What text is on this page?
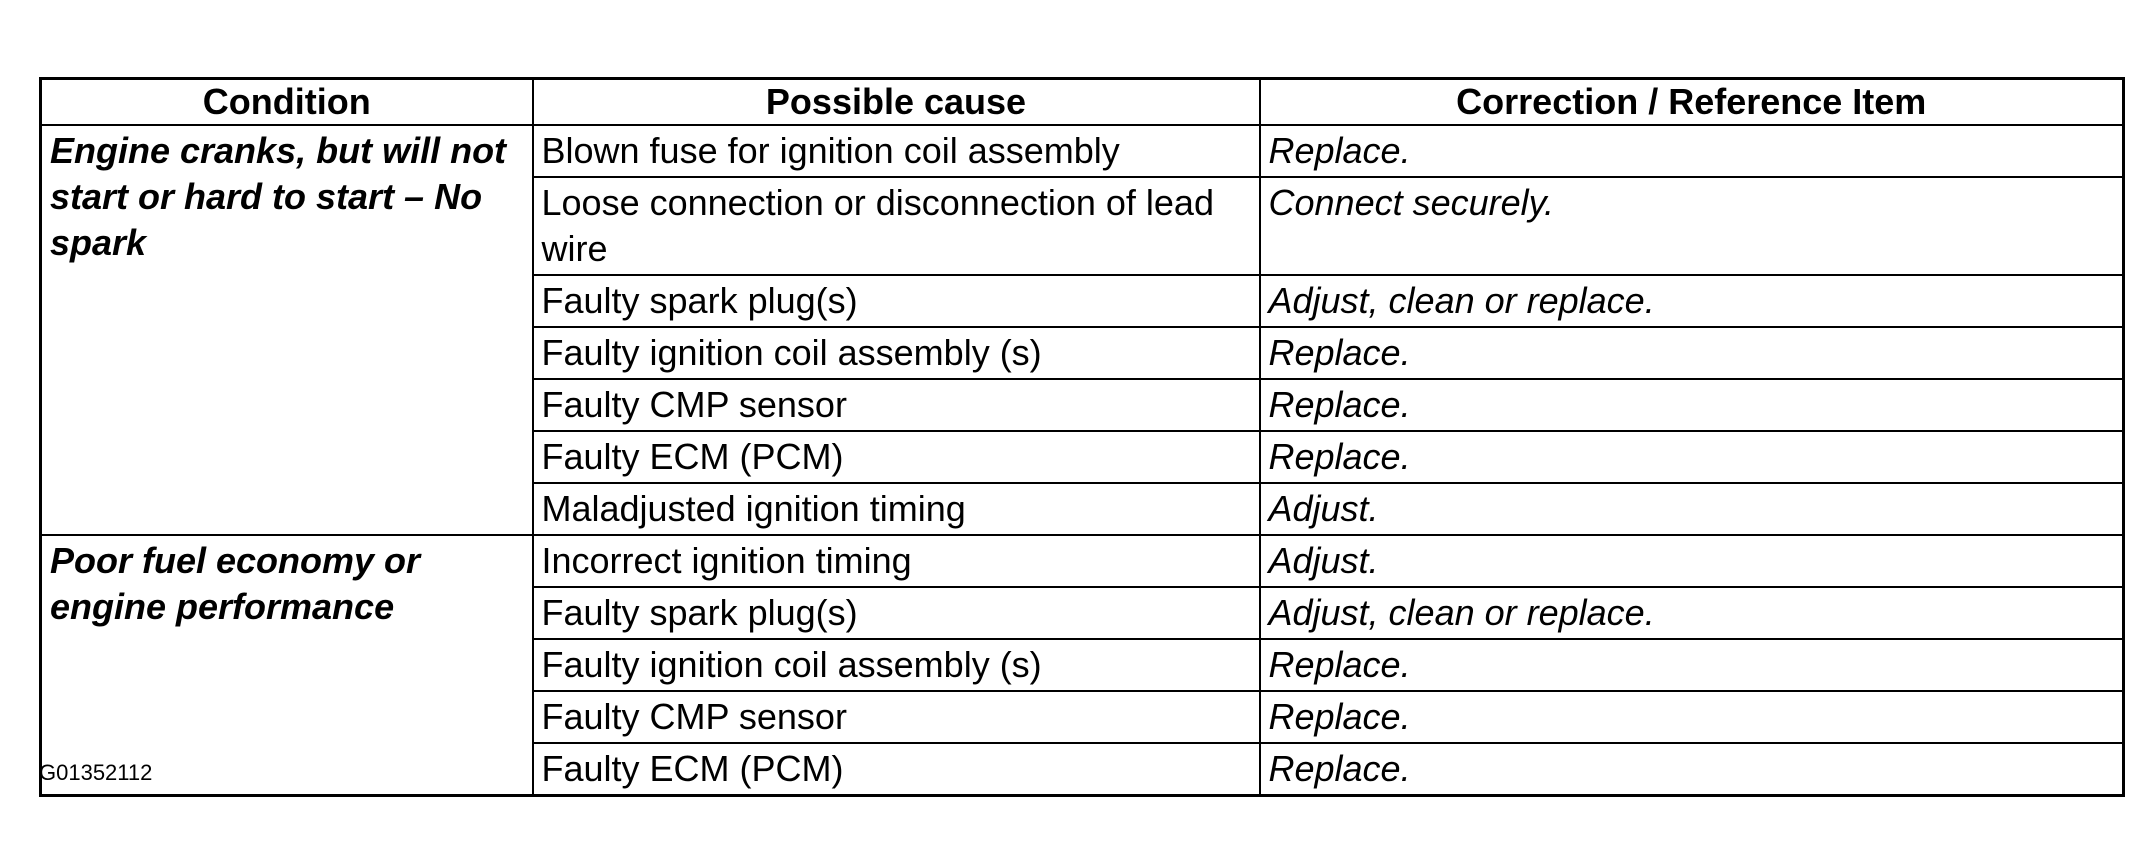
Condition	Possible cause	Correction / Reference Item
Engine cranks, but will not start or hard to start – No spark	Blown fuse for ignition coil assembly	Replace.
	Loose connection or disconnection of lead wire	Connect securely.
	Faulty spark plug(s)	Adjust, clean or replace.
	Faulty ignition coil assembly (s)	Replace.
	Faulty CMP sensor	Replace.
	Faulty ECM (PCM)	Replace.
	Maladjusted ignition timing	Adjust.
Poor fuel economy or engine performance	Incorrect ignition timing	Adjust.
	Faulty spark plug(s)	Adjust, clean or replace.
	Faulty ignition coil assembly (s)	Replace.
	Faulty CMP sensor	Replace.
	Faulty ECM (PCM)	Replace.
G01352112
